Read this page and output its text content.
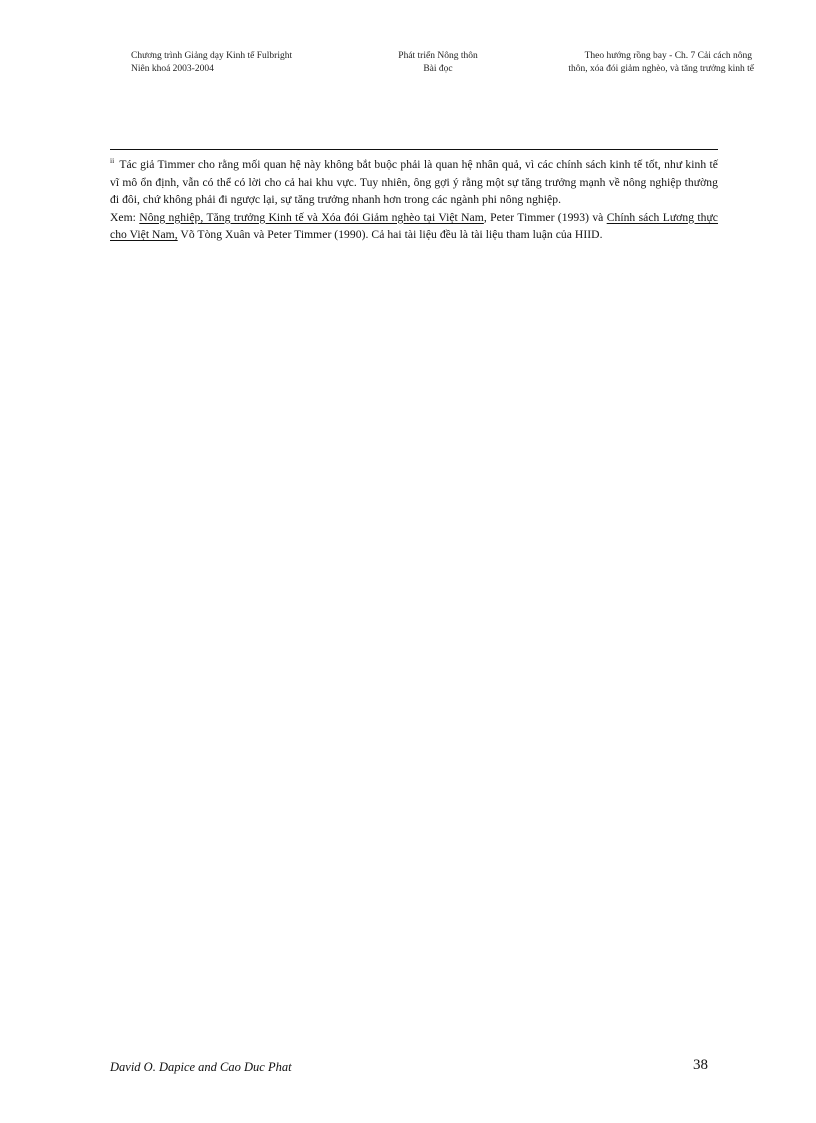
Chương trình Giảng dạy Kinh tế Fulbright
Niên khoá 2003-2004
Phát triển Nông thôn
Bài đọc
Theo hướng rồng bay - Ch. 7 Cải cách nông
thôn, xóa đói giảm nghèo, và tăng trưởng kinh tế

$^{ii}$ Tác giả Timmer cho rằng mối quan hệ này không bắt buộc phải là quan hệ nhân quả, vì các chính sách kinh tế tốt, như kinh tế vĩ mô ổn định, vẫn có thể có lời cho cả hai khu vực. Tuy nhiên, ông gợi ý rằng một sự tăng trưởng mạnh về nông nghiệp thường đi đôi, chứ không phải đi ngược lại, sự tăng trưởng nhanh hơn trong các ngành phi nông nghiệp.

Xem: Nông nghiệp, Tăng trưởng Kinh tế và Xóa đói Giảm nghèo tại Việt Nam, Peter Timmer (1993) và Chính sách Lương thực cho Việt Nam, Võ Tòng Xuân và Peter Timmer (1990). Cả hai tài liệu đều là tài liệu tham luận của HIID.

David O. Dapice and Cao Duc Phat	38
